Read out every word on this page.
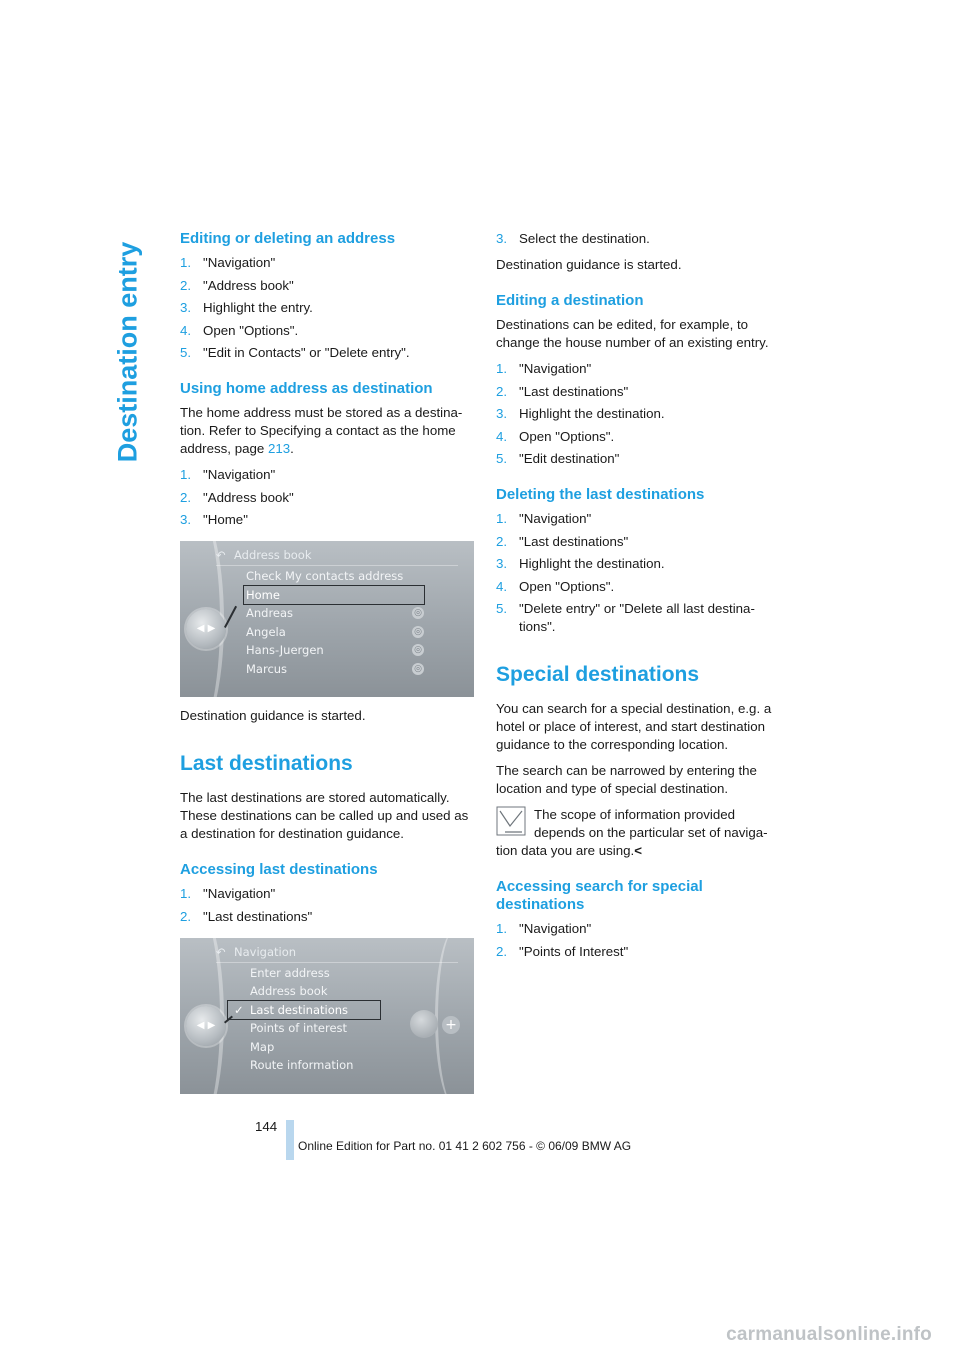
Destination entry
Editing or deleting an address
1. "Navigation"
2. "Address book"
3. Highlight the entry.
4. Open "Options".
5. "Edit in Contacts" or "Delete entry".
Using home address as destination

The home address must be stored as a destina-tion. Refer to Specifying a contact as the home address, page 213.

1. "Navigation"
2. "Address book"
3. "Home"
↶ Address book
◀ ▶
Check My contacts address
Home
Andreas	◎
Angela	◎
Hans-Juergen	◎
Marcus	◎

Destination guidance is started.

Last destinations

The last destinations are stored automatically. These destinations can be called up and used as a destination for destination guidance.

Accessing last destinations
1. "Navigation"
2. "Last destinations"
↶ Navigation
◀ ▶	+
Enter address
Address book
✓ Last destinations
Points of interest
Map
Route information
3. Select the destination.

Destination guidance is started.

Editing a destination

Destinations can be edited, for example, to change the house number of an existing entry.

1. "Navigation"
2. "Last destinations"
3. Highlight the destination.
4. Open "Options".
5. "Edit destination"
Deleting the last destinations
1. "Navigation"
2. "Last destinations"
3. Highlight the destination.
4. Open "Options".
5. "Delete entry" or "Delete all last destina-tions".
Special destinations

You can search for a special destination, e.g. a hotel or place of interest, and start destination guidance to the corresponding location.

The search can be narrowed by entering the location and type of special destination.

The scope of information provided depends on the particular set of naviga-tion data you are using.<

Accessing search for special destinations
1. "Navigation"
2. "Points of Interest"
144
Online Edition for Part no. 01 41 2 602 756 - © 06/09 BMW AG
carmanualsonline.info
